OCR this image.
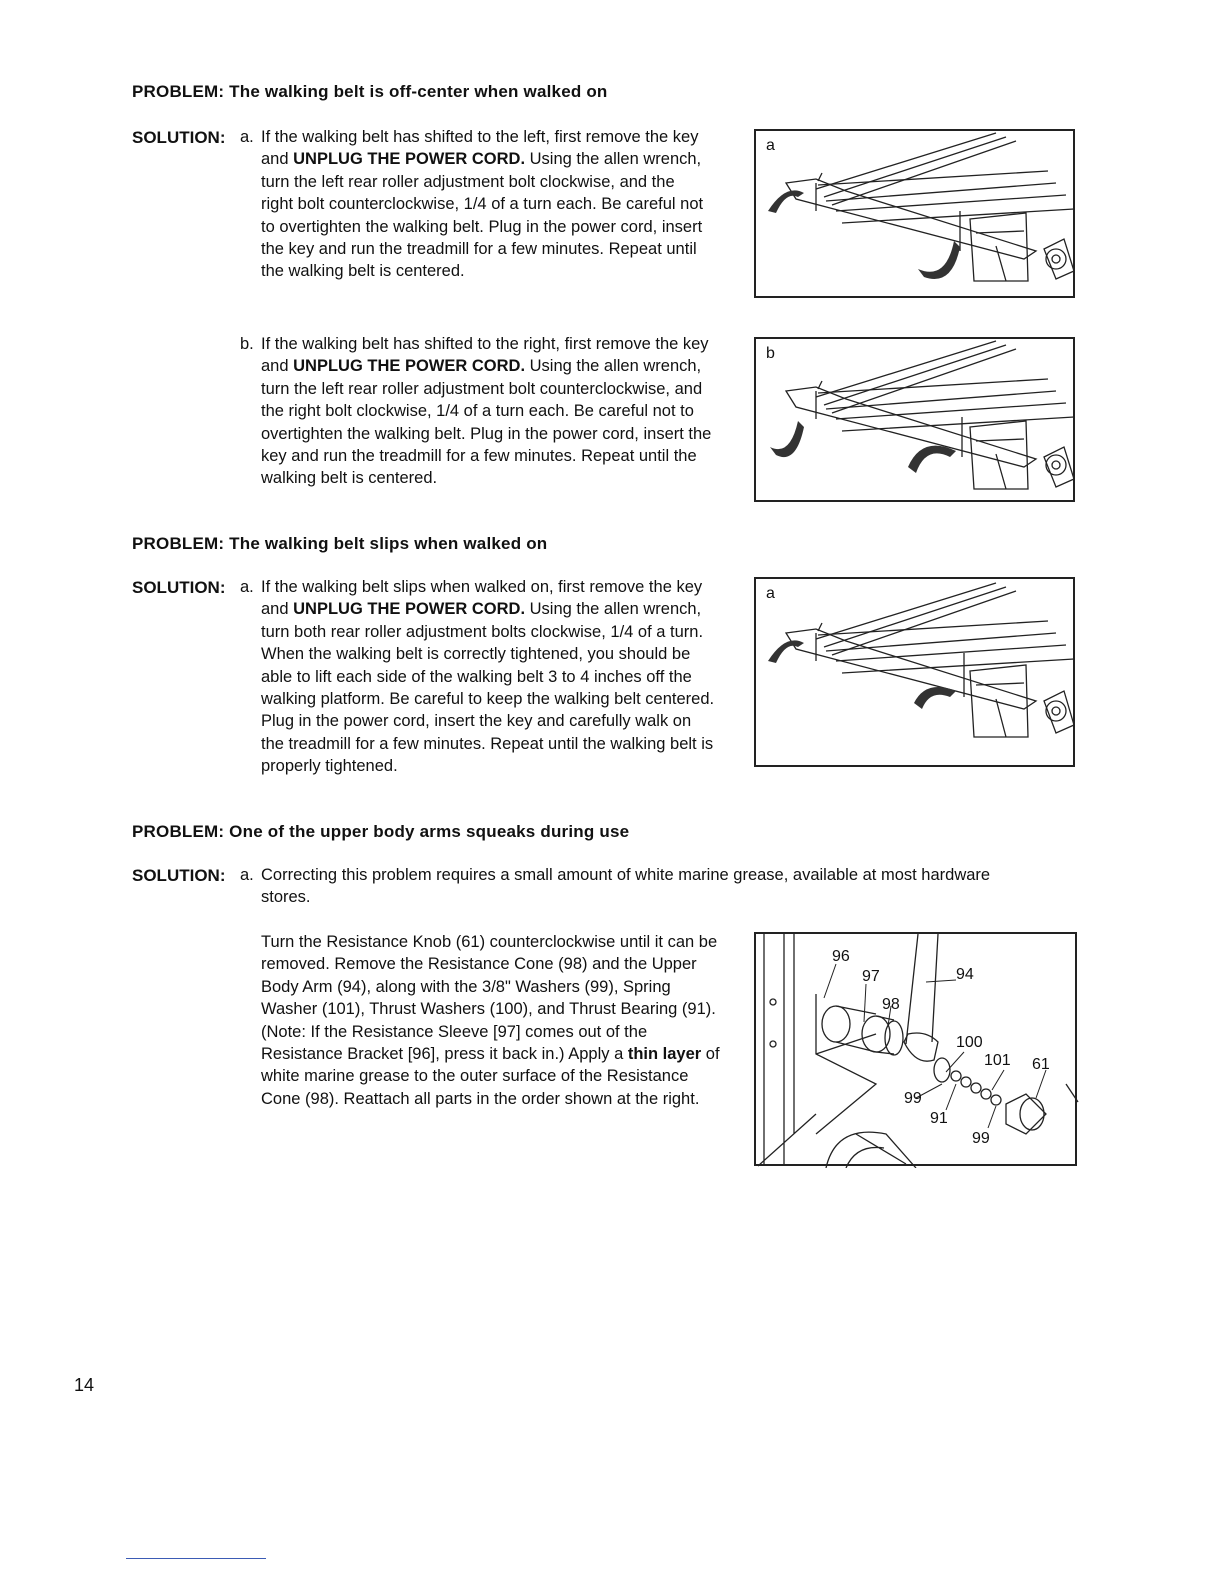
PROBLEM: The walking belt is off-center when walked on
SOLUTION: a. If the walking belt has shifted to the left, first remove the key and UNPLUG THE POWER CORD. Using the allen wrench, turn the left rear roller adjustment bolt clockwise, and the right bolt counterclockwise, 1/4 of a turn each. Be careful not to overtighten the walking belt. Plug in the power cord, insert the key and run the treadmill for a few minutes. Repeat until the walking belt is centered.
a
b. If the walking belt has shifted to the right, first remove the key and UNPLUG THE POWER CORD. Using the allen wrench, turn the left rear roller adjustment bolt counterclockwise, and the right bolt clockwise, 1/4 of a turn each. Be careful not to overtighten the walking belt. Plug in the power cord, insert the key and run the treadmill for a few minutes. Repeat until the walking belt is centered.
b
PROBLEM: The walking belt slips when walked on
SOLUTION: a. If the walking belt slips when walked on, first remove the key and UNPLUG THE POWER CORD. Using the allen wrench, turn both rear roller adjustment bolts clockwise, 1/4 of a turn. When the walking belt is correctly tightened, you should be able to lift each side of the walking belt 3 to 4 inches off the walking platform. Be careful to keep the walking belt centered. Plug in the power cord, insert the key and carefully walk on the treadmill for a few minutes. Repeat until the walking belt is properly tightened.
a
PROBLEM: One of the upper body arms squeaks during use
SOLUTION: a. Correcting this problem requires a small amount of white marine grease, available at most hardware stores.
Turn the Resistance Knob (61) counterclockwise until it can be removed. Remove the Resistance Cone (98) and the Upper Body Arm (94), along with the 3/8" Washers (99), Spring Washer (101), Thrust Washers (100), and Thrust Bearing (91). (Note: If the Resistance Sleeve [97] comes out of the Resistance Bracket [96], press it back in.) Apply a thin layer of white marine grease to the outer surface of the Resistance Cone (98). Reattach all parts in the order shown at the right.
96
97	94
98
100
101 61
99
91
99
14
